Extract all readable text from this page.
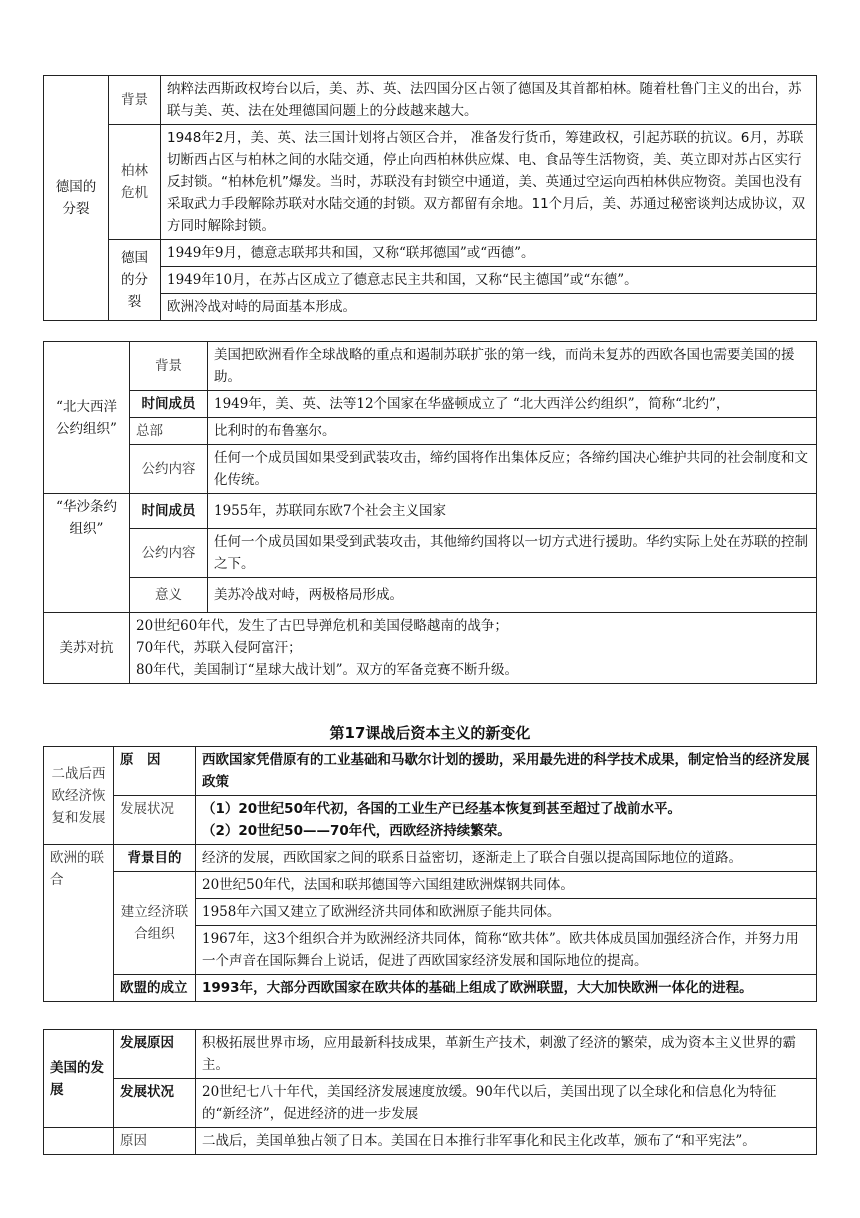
德国的分裂	背景	纳粹法西斯政权垮台以后，美、苏、英、法四国分区占领了德国及其首都柏林。随着杜鲁门主义的出台，苏联与美、英、法在处理德国问题上的分歧越来越大。
	柏林危机	1948年2月，美、英、法三国计划将占领区合并， 准备发行货币，筹建政权，引起苏联的抗议。6月，苏联切断西占区与柏林之间的水陆交通，停止向西柏林供应煤、电、食品等生活物资，美、英立即对苏占区实行反封锁。“柏林危机”爆发。当时，苏联没有封锁空中通道，美、英通过空运向西柏林供应物资。美国也没有采取武力手段解除苏联对水陆交通的封锁。双方都留有余地。11个月后，美、苏通过秘密谈判达成协议，双方同时解除封锁。
	德国的分裂	1949年9月，德意志联邦共和国，又称“联邦德国”或“西德”。
		1949年10月，在苏占区成立了德意志民主共和国，又称“民主德国”或“东德”。
		欧洲冷战对峙的局面基本形成。
“北大西洋公约组织”	背景	美国把欧洲看作全球战略的重点和遏制苏联扩张的第一线，而尚未复苏的西欧各国也需要美国的援助。
	时间成员	1949年，美、英、法等12个国家在华盛顿成立了 “北大西洋公约组织”，简称“北约”，
	总部	比利时的布鲁塞尔。
	公约内容	任何一个成员国如果受到武装攻击，缔约国将作出集体反应；各缔约国决心维护共同的社会制度和文化传统。
“华沙条约组织”	时间成员	1955年，苏联同东欧7个社会主义国家
	公约内容	任何一个成员国如果受到武装攻击，其他缔约国将以一切方式进行援助。华约实际上处在苏联的控制之下。
	意义	美苏冷战对峙，两极格局形成。
美苏对抗	20世纪60年代，发生了古巴导弹危机和美国侵略越南的战争；
70年代，苏联入侵阿富汗；
80年代，美国制订“星球大战计划”。双方的军备竞赛不断升级。	
第17课战后资本主义的新变化
二战后西欧经济恢复和发展	原　因	西欧国家凭借原有的工业基础和马歇尔计划的援助，采用最先进的科学技术成果，制定恰当的经济发展政策
	发展状况	（1）20世纪50年代初，各国的工业生产已经基本恢复到甚至超过了战前水平。
（2）20世纪50——70年代，西欧经济持续繁荣。

欧洲的联合	背景目的	经济的发展，西欧国家之间的联系日益密切，逐渐走上了联合自强以提高国际地位的道路。
	建立经济联合组织	20世纪50年代，法国和联邦德国等六国组建欧洲煤钢共同体。
		1958年六国又建立了欧洲经济共同体和欧洲原子能共同体。
		1967年，这3个组织合并为欧洲经济共同体，简称“欧共体”。欧共体成员国加强经济合作，并努力用一个声音在国际舞台上说话，促进了西欧国家经济发展和国际地位的提高。
	欧盟的成立	1993年，大部分西欧国家在欧共体的基础上组成了欧洲联盟，大大加快欧洲一体化的进程。
美国的发展	发展原因	积极拓展世界市场，应用最新科技成果，革新生产技术，刺激了经济的繁荣，成为资本主义世界的霸主。
	发展状况	20世纪七八十年代，美国经济发展速度放缓。90年代以后，美国出现了以全球化和信息化为特征的“新经济”，促进经济的进一步发展
	原因	二战后，美国单独占领了日本。美国在日本推行非军事化和民主化改革，颁布了“和平宪法”。
